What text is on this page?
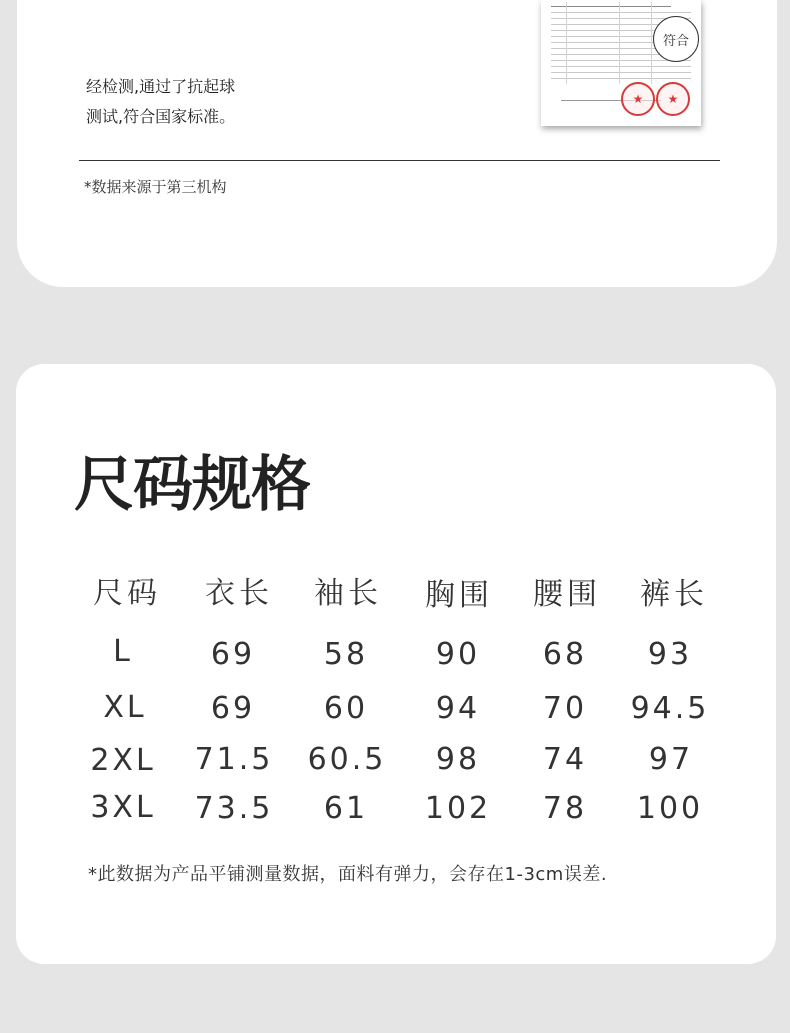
经检测,通过了抗起球
测试,符合国家标准。
★	★
符合
*数据来源于第三机构
尺码规格
尺码	衣长	袖长	胸围	腰围	裤长
L	69	58	90	68	93
XL	69	60	94	70	94.5
2XL	71.5	60.5	98	74	97
3XL	73.5	61	102	78	100
*此数据为产品平铺测量数据，面料有弹力，会存在1-3cm误差.
